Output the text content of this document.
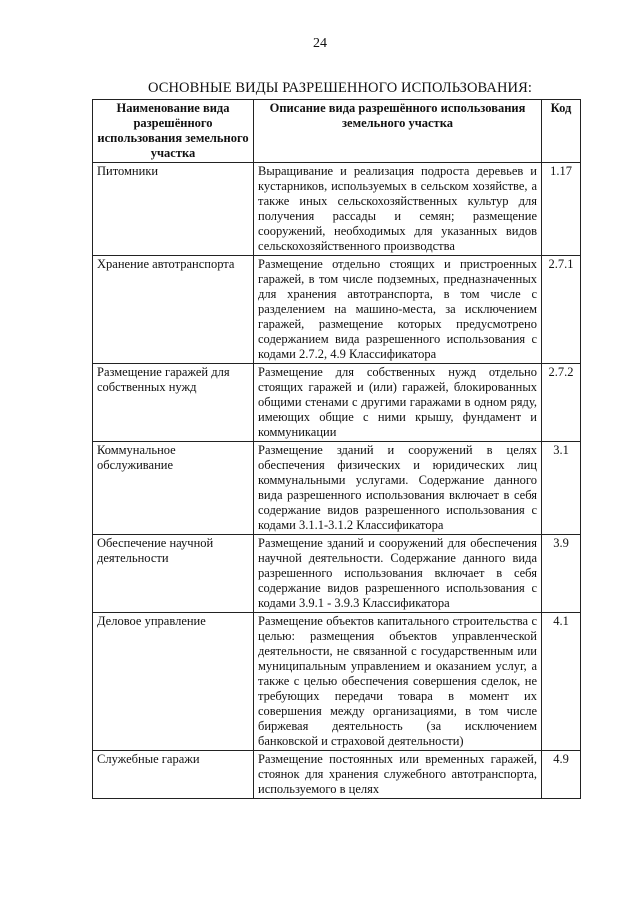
24
ОСНОВНЫЕ ВИДЫ РАЗРЕШЕННОГО ИСПОЛЬЗОВАНИЯ:
Наименование вида разрешённого использования земельного участка	Описание вида разрешённого использования земельного участка	Код
Питомники	Выращивание и реализация подроста деревьев и кустарников, используемых в сельском хозяйстве, а также иных сельскохозяйственных культур для получения рассады и семян; размещение сооружений, необходимых для указанных видов сельскохозяйственного производства	1.17
Хранение автотранспорта	Размещение отдельно стоящих и пристроенных гаражей, в том числе подземных, предназначенных для хранения автотранспорта, в том числе с разделением на машино-места, за исключением гаражей, размещение которых предусмотрено содержанием вида разрешенного использования с кодами 2.7.2, 4.9 Классификатора	2.7.1
Размещение гаражей для собственных нужд	Размещение для собственных нужд отдельно стоящих гаражей и (или) гаражей, блокированных общими стенами с другими гаражами в одном ряду, имеющих общие с ними крышу, фундамент и коммуникации	2.7.2
Коммунальное обслуживание	Размещение зданий и сооружений в целях обеспечения физических и юридических лиц коммунальными услугами. Содержание данного вида разрешенного использования включает в себя содержание видов разрешенного использования с кодами 3.1.1-3.1.2 Классификатора	3.1
Обеспечение научной деятельности	Размещение зданий и сооружений для обеспечения научной деятельности. Содержание данного вида разрешенного использования включает в себя содержание видов разрешенного использования с кодами 3.9.1 - 3.9.3 Классификатора	3.9
Деловое управление	Размещение объектов капитального строительства с целью: размещения объектов управленческой деятельности, не связанной с государственным или муниципальным управлением и оказанием услуг, а также с целью обеспечения совершения сделок, не требующих передачи товара в момент их совершения между организациями, в том числе биржевая деятельность (за исключением банковской и страховой деятельности)	4.1
Служебные гаражи	Размещение постоянных или временных гаражей, стоянок для хранения служебного автотранспорта, используемого в целях	4.9
